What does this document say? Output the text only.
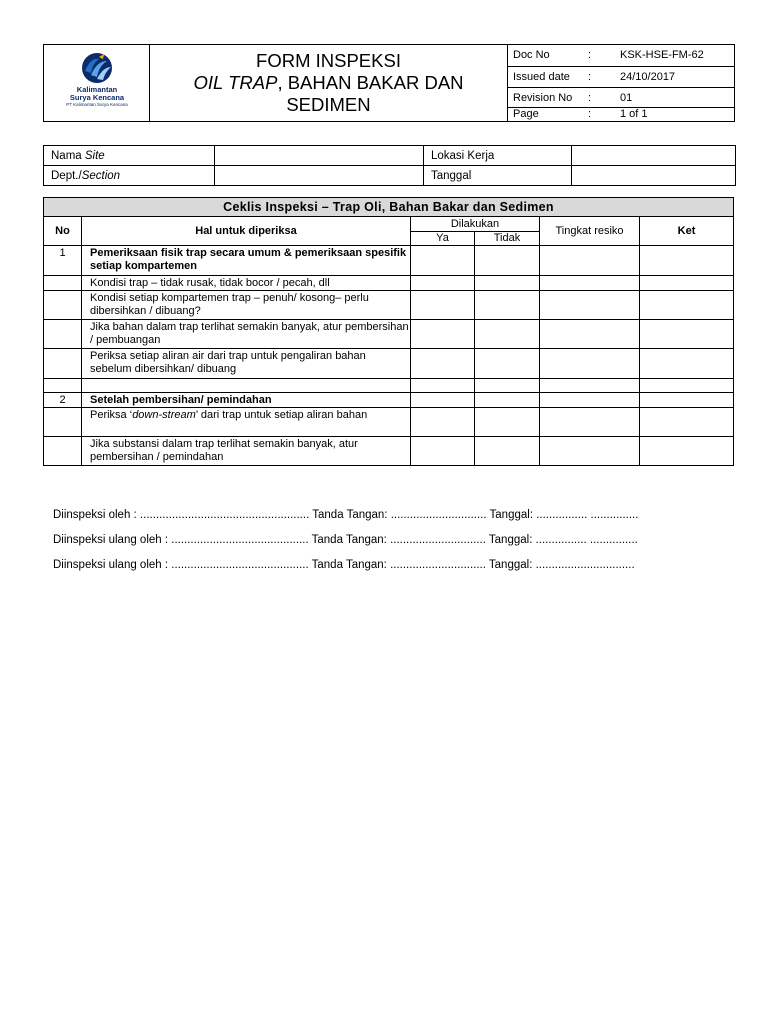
Kalimantan
Surya Kencana
PT Kalimantan Surya Kencana
FORM INSPEKSI
OIL TRAP, BAHAN BAKAR DAN
SEDIMEN
Doc No	:	KSK-HSE-FM-62
Issued date :	24/10/2017
Revision No :	01
Page	:	1 of 1
Nama Site		Lokasi Kerja	
Dept./Section		Tanggal	
Ceklis Inspeksi – Trap Oli, Bahan Bakar dan Sedimen					
No	Hal untuk diperiksa	Dilakukan		Tingkat resiko	Ket
		Ya	Tidak		
1	Pemeriksaan fisik trap secara umum & pemeriksaan spesifik setiap kompartemen				
	Kondisi trap – tidak rusak, tidak bocor / pecah, dll				
	Kondisi setiap kompartemen trap – penuh/ kosong– perlu dibersihkan / dibuang?				
	Jika bahan dalam trap terlihat semakin banyak, atur pembersihan / pembuangan				
	Periksa setiap aliran air dari trap untuk pengaliran bahan sebelum dibersihkan/ dibuang				

2	Setelah pembersihan/ pemindahan				
	Periksa ‘down-stream’ dari trap untuk setiap aliran bahan				
	Jika substansi dalam trap terlihat semakin banyak, atur pembersihan / pemindahan				
Diinspeksi oleh : ..................................................... Tanda Tangan: .............................. Tanggal: ................ ...............
Diinspeksi ulang oleh : ........................................... Tanda Tangan: .............................. Tanggal: ................ ...............
Diinspeksi ulang oleh : ........................................... Tanda Tangan: .............................. Tanggal: ...............................
